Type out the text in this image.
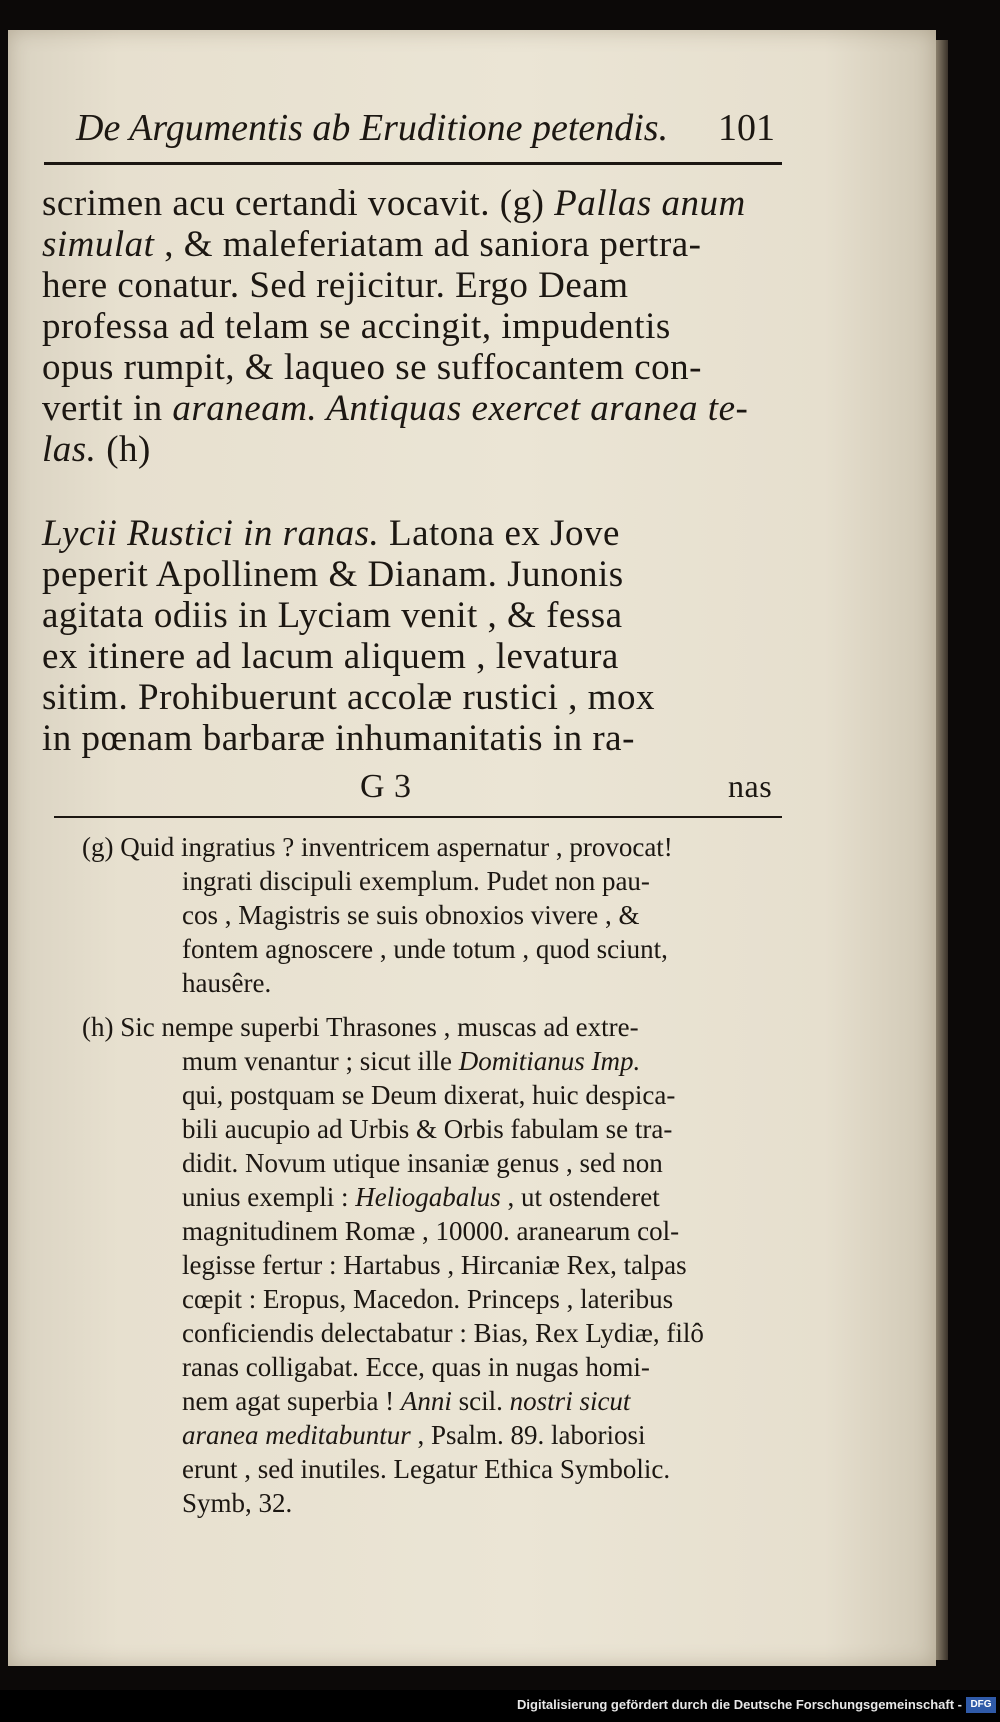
De Argumentis ab Eruditione petendis. 101
scrimen acu certandi vocavit. (g) Pallas anum
simulat , & maleferiatam ad saniora pertra-
here conatur. Sed rejicitur. Ergo Deam
professa ad telam se accingit, impudentis
opus rumpit, & laqueo se suffocantem con-
vertit in araneam. Antiquas exercet aranea te-
las. (h)
Lycii Rustici in ranas. Latona ex Jove
peperit Apollinem & Dianam. Junonis
agitata odiis in Lyciam venit , & fessa
ex itinere ad lacum aliquem , levatura
sitim. Prohibuerunt accolæ rustici , mox
in pœnam barbaræ inhumanitatis in ra-
G 3	nas
(g) Quid ingratius ? inventricem aspernatur , provocat!
ingrati discipuli exemplum. Pudet non pau-
cos , Magistris se suis obnoxios vivere , &
fontem agnoscere , unde totum , quod sciunt,
hausêre.
(h) Sic nempe superbi Thrasones , muscas ad extre-
mum venantur ; sicut ille Domitianus Imp.
qui, postquam se Deum dixerat, huic despica-
bili aucupio ad Urbis & Orbis fabulam se tra-
didit. Novum utique insaniæ genus , sed non
unius exempli : Heliogabalus , ut ostenderet
magnitudinem Romæ , 10000. aranearum col-
legisse fertur : Hartabus , Hircaniæ Rex, talpas
cœpit : Eropus, Macedon. Princeps , lateribus
conficiendis delectabatur : Bias, Rex Lydiæ, filô
ranas colligabat. Ecce, quas in nugas homi-
nem agat superbia ! Anni scil. nostri sicut
aranea meditabuntur , Psalm. 89. laboriosi
erunt , sed inutiles. Legatur Ethica Symbolic.
Symb, 32.
Digitalisierung gefördert durch die Deutsche Forschungsgemeinschaft - DFG
